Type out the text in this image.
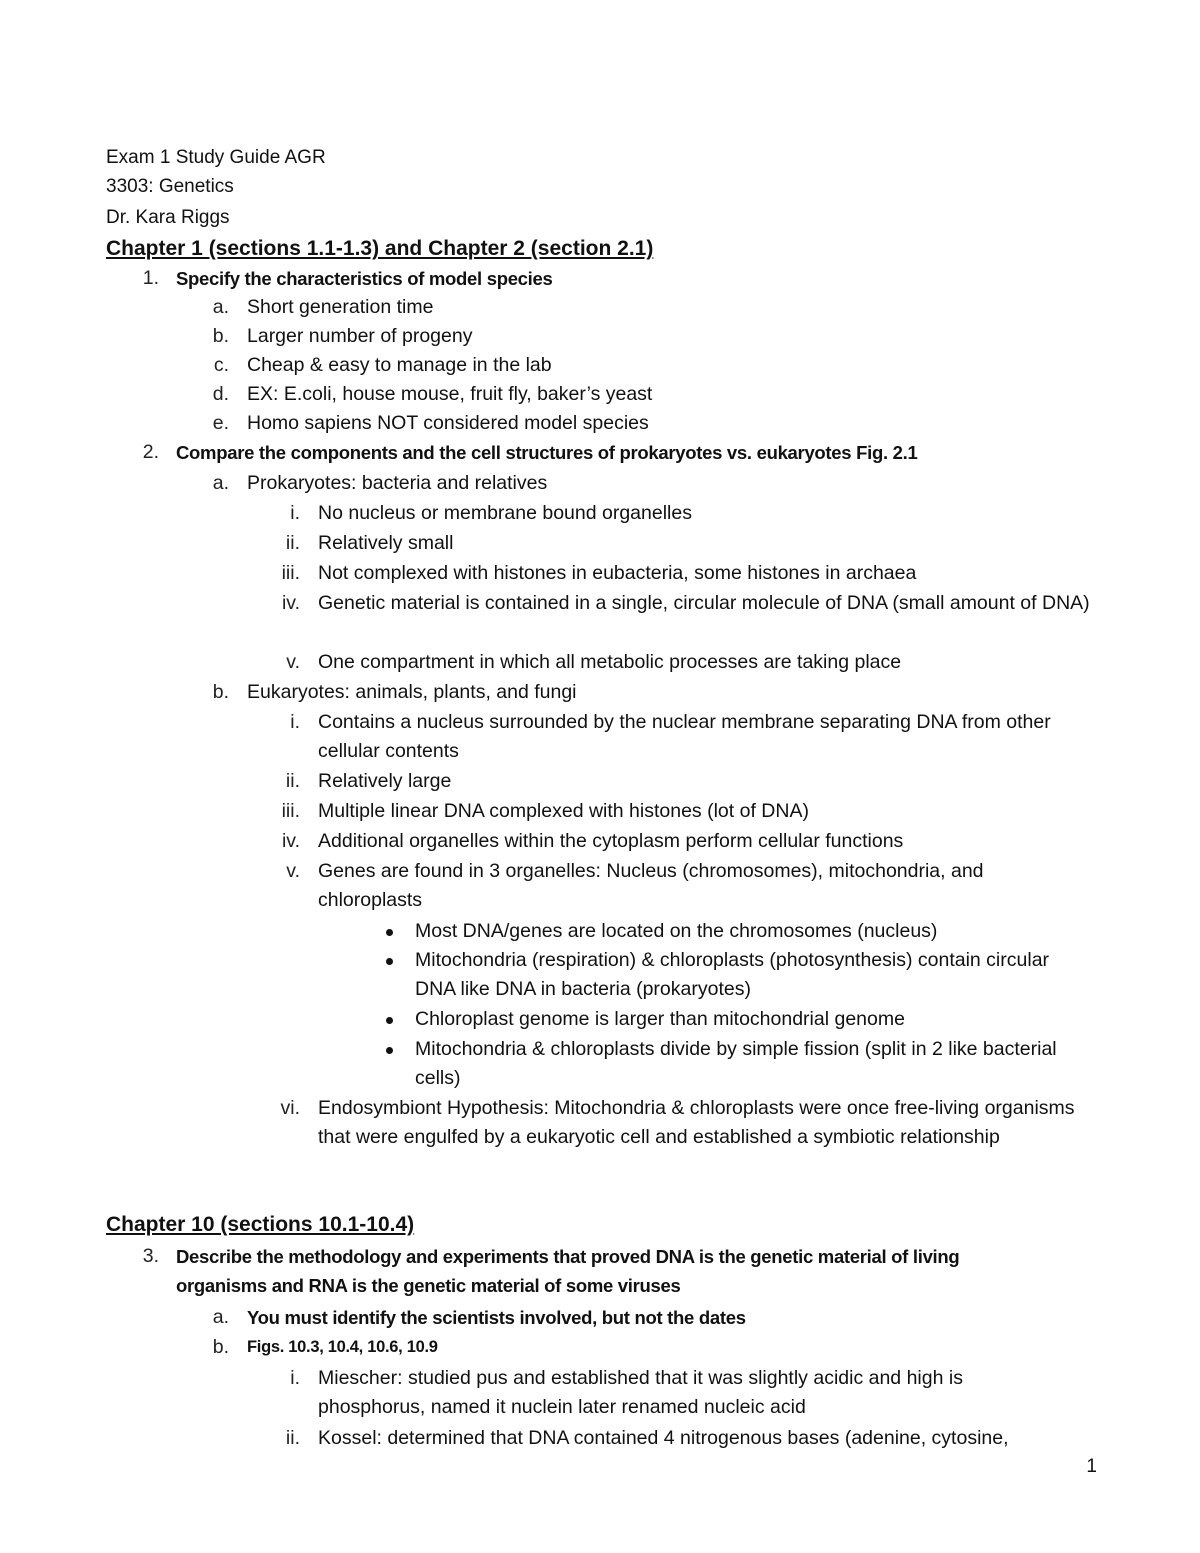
Exam 1 Study Guide AGR
3303: Genetics
Dr. Kara Riggs
Chapter 1 (sections 1.1-1.3) and Chapter 2 (section 2.1)
1. Specify the characteristics of model species
a. Short generation time
b. Larger number of progeny
c. Cheap & easy to manage in the lab
d. EX: E.coli, house mouse, fruit fly, baker’s yeast
e. Homo sapiens NOT considered model species
2. Compare the components and the cell structures of prokaryotes vs. eukaryotes Fig. 2.1
a. Prokaryotes: bacteria and relatives
i. No nucleus or membrane bound organelles
ii. Relatively small
iii. Not complexed with histones in eubacteria, some histones in archaea
iv. Genetic material is contained in a single, circular molecule of DNA (small amount of DNA)
v. One compartment in which all metabolic processes are taking place
b. Eukaryotes: animals, plants, and fungi
i. Contains a nucleus surrounded by the nuclear membrane separating DNA from other cellular contents
ii. Relatively large
iii. Multiple linear DNA complexed with histones (lot of DNA)
iv. Additional organelles within the cytoplasm perform cellular functions
v. Genes are found in 3 organelles: Nucleus (chromosomes), mitochondria, and chloroplasts
Most DNA/genes are located on the chromosomes (nucleus)
Mitochondria (respiration) & chloroplasts (photosynthesis) contain circular DNA like DNA in bacteria (prokaryotes)
Chloroplast genome is larger than mitochondrial genome
Mitochondria & chloroplasts divide by simple fission (split in 2 like bacterial cells)
vi. Endosymbiont Hypothesis: Mitochondria & chloroplasts were once free-living organisms that were engulfed by a eukaryotic cell and established a symbiotic relationship
Chapter 10 (sections 10.1-10.4)
3. Describe the methodology and experiments that proved DNA is the genetic material of living organisms and RNA is the genetic material of some viruses
a. You must identify the scientists involved, but not the dates
b. Figs. 10.3, 10.4, 10.6, 10.9
i. Miescher: studied pus and established that it was slightly acidic and high is phosphorus, named it nuclein later renamed nucleic acid
ii. Kossel: determined that DNA contained 4 nitrogenous bases (adenine, cytosine,
1
